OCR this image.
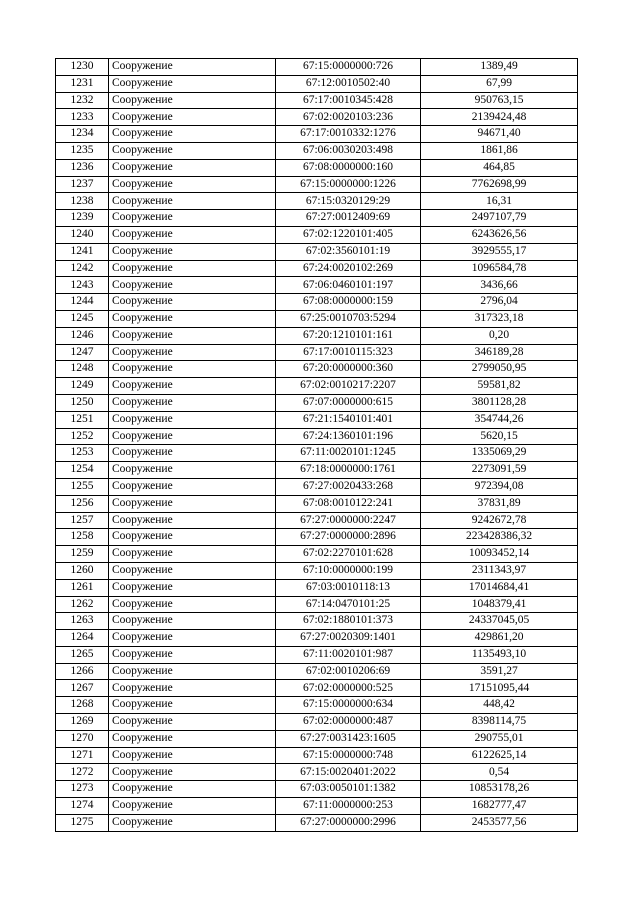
1230	Сооружение	67:15:0000000:726	1389,49
1231	Сооружение	67:12:0010502:40	67,99
1232	Сооружение	67:17:0010345:428	950763,15
1233	Сооружение	67:02:0020103:236	2139424,48
1234	Сооружение	67:17:0010332:1276	94671,40
1235	Сооружение	67:06:0030203:498	1861,86
1236	Сооружение	67:08:0000000:160	464,85
1237	Сооружение	67:15:0000000:1226	7762698,99
1238	Сооружение	67:15:0320129:29	16,31
1239	Сооружение	67:27:0012409:69	2497107,79
1240	Сооружение	67:02:1220101:405	6243626,56
1241	Сооружение	67:02:3560101:19	3929555,17
1242	Сооружение	67:24:0020102:269	1096584,78
1243	Сооружение	67:06:0460101:197	3436,66
1244	Сооружение	67:08:0000000:159	2796,04
1245	Сооружение	67:25:0010703:5294	317323,18
1246	Сооружение	67:20:1210101:161	0,20
1247	Сооружение	67:17:0010115:323	346189,28
1248	Сооружение	67:20:0000000:360	2799050,95
1249	Сооружение	67:02:0010217:2207	59581,82
1250	Сооружение	67:07:0000000:615	3801128,28
1251	Сооружение	67:21:1540101:401	354744,26
1252	Сооружение	67:24:1360101:196	5620,15
1253	Сооружение	67:11:0020101:1245	1335069,29
1254	Сооружение	67:18:0000000:1761	2273091,59
1255	Сооружение	67:27:0020433:268	972394,08
1256	Сооружение	67:08:0010122:241	37831,89
1257	Сооружение	67:27:0000000:2247	9242672,78
1258	Сооружение	67:27:0000000:2896	223428386,32
1259	Сооружение	67:02:2270101:628	10093452,14
1260	Сооружение	67:10:0000000:199	2311343,97
1261	Сооружение	67:03:0010118:13	17014684,41
1262	Сооружение	67:14:0470101:25	1048379,41
1263	Сооружение	67:02:1880101:373	24337045,05
1264	Сооружение	67:27:0020309:1401	429861,20
1265	Сооружение	67:11:0020101:987	1135493,10
1266	Сооружение	67:02:0010206:69	3591,27
1267	Сооружение	67:02:0000000:525	17151095,44
1268	Сооружение	67:15:0000000:634	448,42
1269	Сооружение	67:02:0000000:487	8398114,75
1270	Сооружение	67:27:0031423:1605	290755,01
1271	Сооружение	67:15:0000000:748	6122625,14
1272	Сооружение	67:15:0020401:2022	0,54
1273	Сооружение	67:03:0050101:1382	10853178,26
1274	Сооружение	67:11:0000000:253	1682777,47
1275	Сооружение	67:27:0000000:2996	2453577,56
